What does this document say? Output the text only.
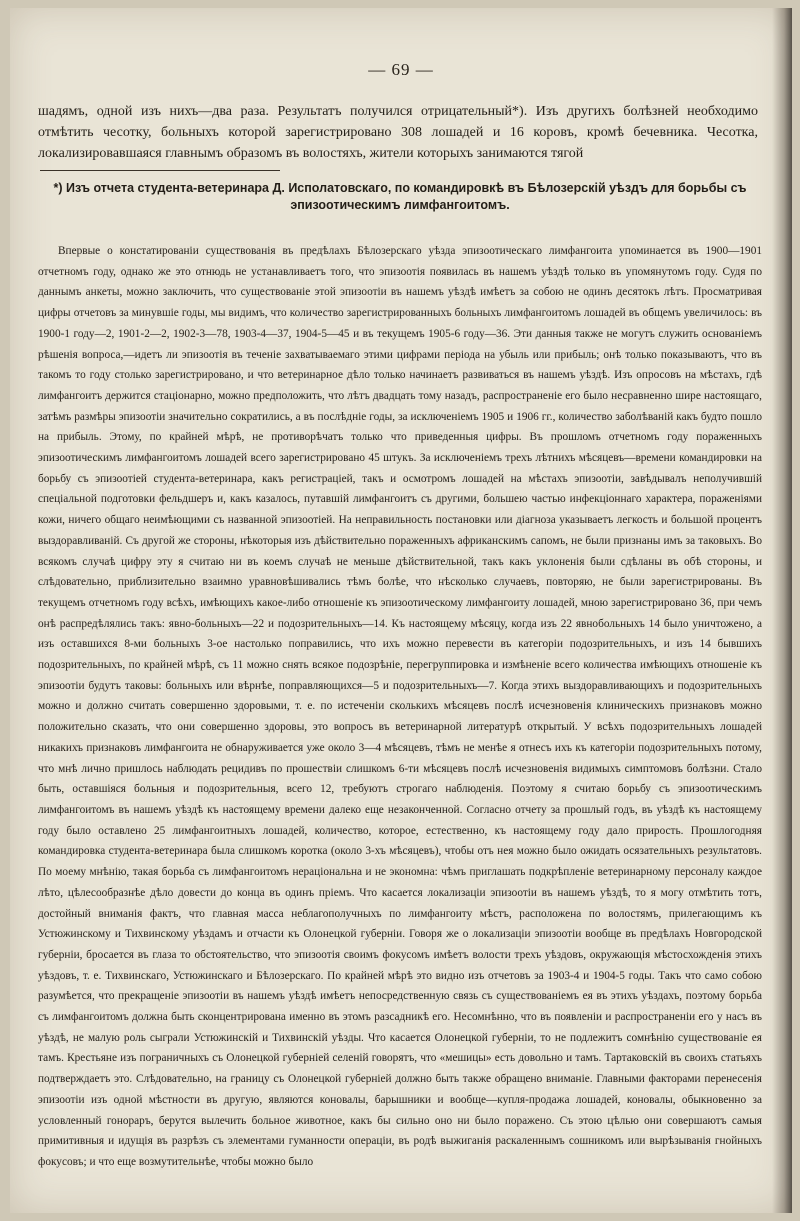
— 69 —

шадямъ, одной изъ нихъ—два раза. Результатъ получился отрицательный*). Изъ другихъ болѣзней необходимо отмѣтить чесотку, больныхъ которой зарегистрировано 308 лошадей и 16 коровъ, кромѣ бечевника. Чесотка, локализировавшаяся главнымъ образомъ въ волостяхъ, жители которыхъ занимаются тягой

*) Изъ отчета студента-ветеринара Д. Исполатовскаго, по командировкѣ въ Бѣлозерскій уѣздъ для борьбы съ эпизоотическимъ лимфангоитомъ.

Впервые о констатированіи существованія въ предѣлахъ Бѣлозерскаго уѣзда эпизоотическаго лимфангоита упоминается въ 1900—1901 отчетномъ году, однако же это отнюдь не устанавливаетъ того, что эпизоотія появилась въ нашемъ уѣздѣ только въ упомянутомъ году. Судя по даннымъ анкеты, можно заключить, что существованіе этой эпизоотіи въ нашемъ уѣздѣ имѣетъ за собою не одинъ десятокъ лѣтъ. Просматривая цифры отчетовъ за минувшіе годы, мы видимъ, что количество зарегистрированныхъ больныхъ лимфангоитомъ лошадей въ общемъ увеличилось: въ 1900-1 году—2, 1901-2—2, 1902-3—78, 1903-4—37, 1904-5—45 и въ текущемъ 1905-6 году—36. Эти данныя также не могутъ служить основаніемъ рѣшенія вопроса,—идетъ ли эпизоотія въ теченіе захватываемаго этими цифрами періода на убыль или прибыль; онѣ только показываютъ, что въ такомъ то году столько зарегистрировано, и что ветеринарное дѣло только начинаетъ развиваться въ нашемъ уѣздѣ. Изъ опросовъ на мѣстахъ, гдѣ лимфангоитъ держится стаціонарно, можно предположить, что лѣтъ двадцать тому назадъ, распространеніе его было несравненно шире настоящаго, затѣмъ размѣры эпизоотіи значительно сократились, а въ послѣдніе годы, за исключеніемъ 1905 и 1906 гг., количество заболѣваній какъ будто пошло на прибыль. Этому, по крайней мѣрѣ, не противорѣчатъ только что приведенныя цифры. Въ прошломъ отчетномъ году пораженныхъ эпизоотическимъ лимфангоитомъ лошадей всего зарегистрировано 45 штукъ. За исключеніемъ трехъ лѣтнихъ мѣсяцевъ—времени командировки на борьбу съ эпизоотіей студента-ветеринара, какъ регистраціей, такъ и осмотромъ лошадей на мѣстахъ эпизоотіи, завѣдывалъ неполучившій спеціальной подготовки фельдшеръ и, какъ казалось, путавшій лимфангоитъ съ другими, большею частью инфекціоннаго характера, пораженіями кожи, ничего общаго неимѣющими съ названной эпизоотіей. На неправильность постановки или діагноза указываетъ легкость и большой процентъ выздоравливаній. Съ другой же стороны, нѣкоторыя изъ дѣйствительно пораженныхъ африканскимъ сапомъ, не были признаны имъ за таковыхъ. Во всякомъ случаѣ цифру эту я считаю ни въ коемъ случаѣ не меньше дѣйствительной, такъ какъ уклоненія были сдѣланы въ обѣ стороны, и слѣдовательно, приблизительно взаимно уравновѣшивались тѣмъ болѣе, что нѣсколько случаевъ, повторяю, не были зарегистрированы. Въ текущемъ отчетномъ году всѣхъ, имѣющихъ какое-либо отношеніе къ эпизоотическому лимфангоиту лошадей, мною зарегистрировано 36, при чемъ онѣ распредѣлялись такъ: явно-больныхъ—22 и подозрительныхъ—14. Къ настоящему мѣсяцу, когда изъ 22 явнобольныхъ 14 было уничтожено, а изъ оставшихся 8-ми больныхъ 3-ое настолько поправились, что ихъ можно перевести въ категоріи подозрительныхъ, и изъ 14 бывшихъ подозрительныхъ, по крайней мѣрѣ, съ 11 можно снять всякое подозрѣніе, перегруппировка и измѣненіе всего количества имѣющихъ отношеніе къ эпизоотіи будутъ таковы: больныхъ или вѣрнѣе, поправляющихся—5 и подозрительныхъ—7. Когда этихъ выздоравливающихъ и подозрительныхъ можно и должно считать совершенно здоровыми, т. е. по истеченіи сколькихъ мѣсяцевъ послѣ исчезновенія клиническихъ признаковъ можно положительно сказать, что они совершенно здоровы, это вопросъ въ ветеринарной литературѣ открытый. У всѣхъ подозрительныхъ лошадей никакихъ признаковъ лимфангоита не обнаруживается уже около 3—4 мѣсяцевъ, тѣмъ не менѣе я отнесъ ихъ къ категоріи подозрительныхъ потому, что мнѣ лично пришлось наблюдать рецидивъ по прошествіи слишкомъ 6-ти мѣсяцевъ послѣ исчезновенія видимыхъ симптомовъ болѣзни. Стало быть, оставшіяся больныя и подозрительныя, всего 12, требуютъ строгаго наблюденія. Поэтому я считаю борьбу съ эпизоотическимъ лимфангоитомъ въ нашемъ уѣздѣ къ настоящему времени далеко еще незаконченной. Согласно отчету за прошлый годъ, въ уѣздѣ къ настоящему году было оставлено 25 лимфангоитныхъ лошадей, количество, которое, естественно, къ настоящему году дало прирость. Прошлогодняя командировка студента-ветеринара была слишкомъ коротка (около 3-хъ мѣсяцевъ), чтобы отъ нея можно было ожидать осязательныхъ результатовъ. По моему мнѣнію, такая борьба съ лимфангоитомъ нераціональна и не экономна: чѣмъ приглашать подкрѣпленіе ветеринарному персоналу каждое лѣто, цѣлесообразнѣе дѣло довести до конца въ одинъ пріемъ. Что касается локализаціи эпизоотіи въ нашемъ уѣздѣ, то я могу отмѣтить тотъ, достойный вниманія фактъ, что главная масса неблагополучныхъ по лимфангоиту мѣстъ, расположена по волостямъ, прилегающимъ къ Устюжинскому и Тихвинскому уѣздамъ и отчасти къ Олонецкой губерніи. Говоря же о локализаціи эпизоотіи вообще въ предѣлахъ Новгородской губерніи, бросается въ глаза то обстоятельство, что эпизоотія своимъ фокусомъ имѣетъ волости трехъ уѣздовъ, окружающія мѣстосхожденія этихъ уѣздовъ, т. е. Тихвинскаго, Устюжинскаго и Бѣлозерскаго. По крайней мѣрѣ это видно изъ отчетовъ за 1903-4 и 1904-5 годы. Такъ что само собою разумѣется, что прекращеніе эпизоотіи въ нашемъ уѣздѣ имѣетъ непосредственную связь съ существованіемъ ея въ этихъ уѣздахъ, поэтому борьба съ лимфангоитомъ должна быть сконцентрирована именно въ этомъ разсадникѣ его. Несомнѣнно, что въ появленіи и распространеніи его у насъ въ уѣздѣ, не малую роль сыграли Устюжинскій и Тихвинскій уѣзды. Что касается Олонецкой губерніи, то не подлежитъ сомнѣнію существованіе ея тамъ. Крестьяне изъ пограничныхъ съ Олонецкой губерніей селеній говорятъ, что «мешицы» есть довольно и тамъ. Тартаковскій въ своихъ статьяхъ подтверждаетъ это. Слѣдовательно, на границу съ Олонецкой губерніей должно быть также обращено вниманіе. Главными факторами перенесенія эпизоотіи изъ одной мѣстности въ другую, являются коновалы, барышники и вообще—купля-продажа лошадей, коновалы, обыкновенно за условленный гонораръ, берутся вылечить больное животное, какъ бы сильно оно ни было поражено. Съ этою цѣлью они совершаютъ самыя примитивныя и идущія въ разрѣзъ съ элементами гуманности операціи, въ родѣ выжиганія раскаленнымъ сошникомъ или вырѣзыванія гнойныхъ фокусовъ; и что еще возмутительнѣе, чтобы можно было
